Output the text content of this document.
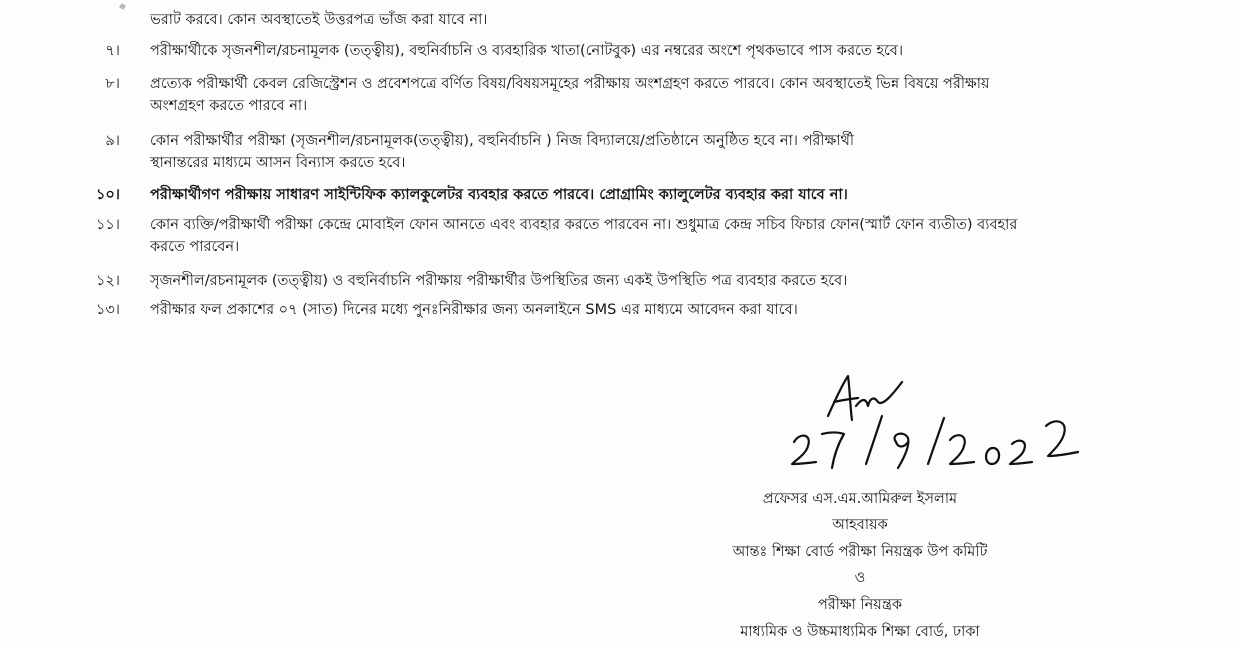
ভরাট করবে। কোন অবস্থাতেই উত্তরপত্র ভাঁজ করা যাবে না।
৭। পরীক্ষার্থীকে সৃজনশীল/রচনামূলক (তত্ত্বীয়), বহুনির্বাচনি ও ব্যবহারিক খাতা(নোটবুক) এর নম্বরের অংশে পৃথকভাবে পাস করতে হবে।
৮। প্রত্যেক পরীক্ষার্থী কেবল রেজিস্ট্রেশন ও প্রবেশপত্রে বর্ণিত বিষয়/বিষয়সমূহের পরীক্ষায় অংশগ্রহণ করতে পারবে। কোন অবস্থাতেই ভিন্ন বিষয়ে পরীক্ষায়
অংশগ্রহণ করতে পারবে না।
৯। কোন পরীক্ষার্থীর পরীক্ষা (সৃজনশীল/রচনামূলক(তত্ত্বীয়), বহুনির্বাচনি ) নিজ বিদ্যালয়ে/প্রতিষ্ঠানে অনুষ্ঠিত হবে না। পরীক্ষার্থী
স্থানান্তরের মাধ্যমে আসন বিন্যাস করতে হবে।
১০। পরীক্ষার্থীগণ পরীক্ষায় সাধারণ সাইন্টিফিক ক্যালকুলেটর ব্যবহার করতে পারবে। প্রোগ্রামিং ক্যালুলেটর ব্যবহার করা যাবে না।
১১। কোন ব্যক্তি/পরীক্ষার্থী পরীক্ষা কেন্দ্রে মোবাইল ফোন আনতে এবং ব্যবহার করতে পারবেন না। শুধুমাত্র কেন্দ্র সচিব ফিচার ফোন(স্মার্ট ফোন ব্যতীত) ব্যবহার
করতে পারবেন।
১২। সৃজনশীল/রচনামূলক (তত্ত্বীয়) ও বহুনির্বাচনি পরীক্ষায় পরীক্ষার্থীর উপস্থিতির জন্য একই উপস্থিতি পত্র ব্যবহার করতে হবে।
১৩। পরীক্ষার ফল প্রকাশের ০৭ (সাত) দিনের মধ্যে পুনঃনিরীক্ষার জন্য অনলাইনে SMS এর মাধ্যমে আবেদন করা যাবে।
প্রফেসর এস.এম.আমিরুল ইসলাম
আহবায়ক
আন্তঃ শিক্ষা বোর্ড পরীক্ষা নিয়ন্ত্রক উপ কমিটি
ও
পরীক্ষা নিয়ন্ত্রক
মাধ্যমিক ও উচ্চমাধ্যমিক শিক্ষা বোর্ড, ঢাকা
